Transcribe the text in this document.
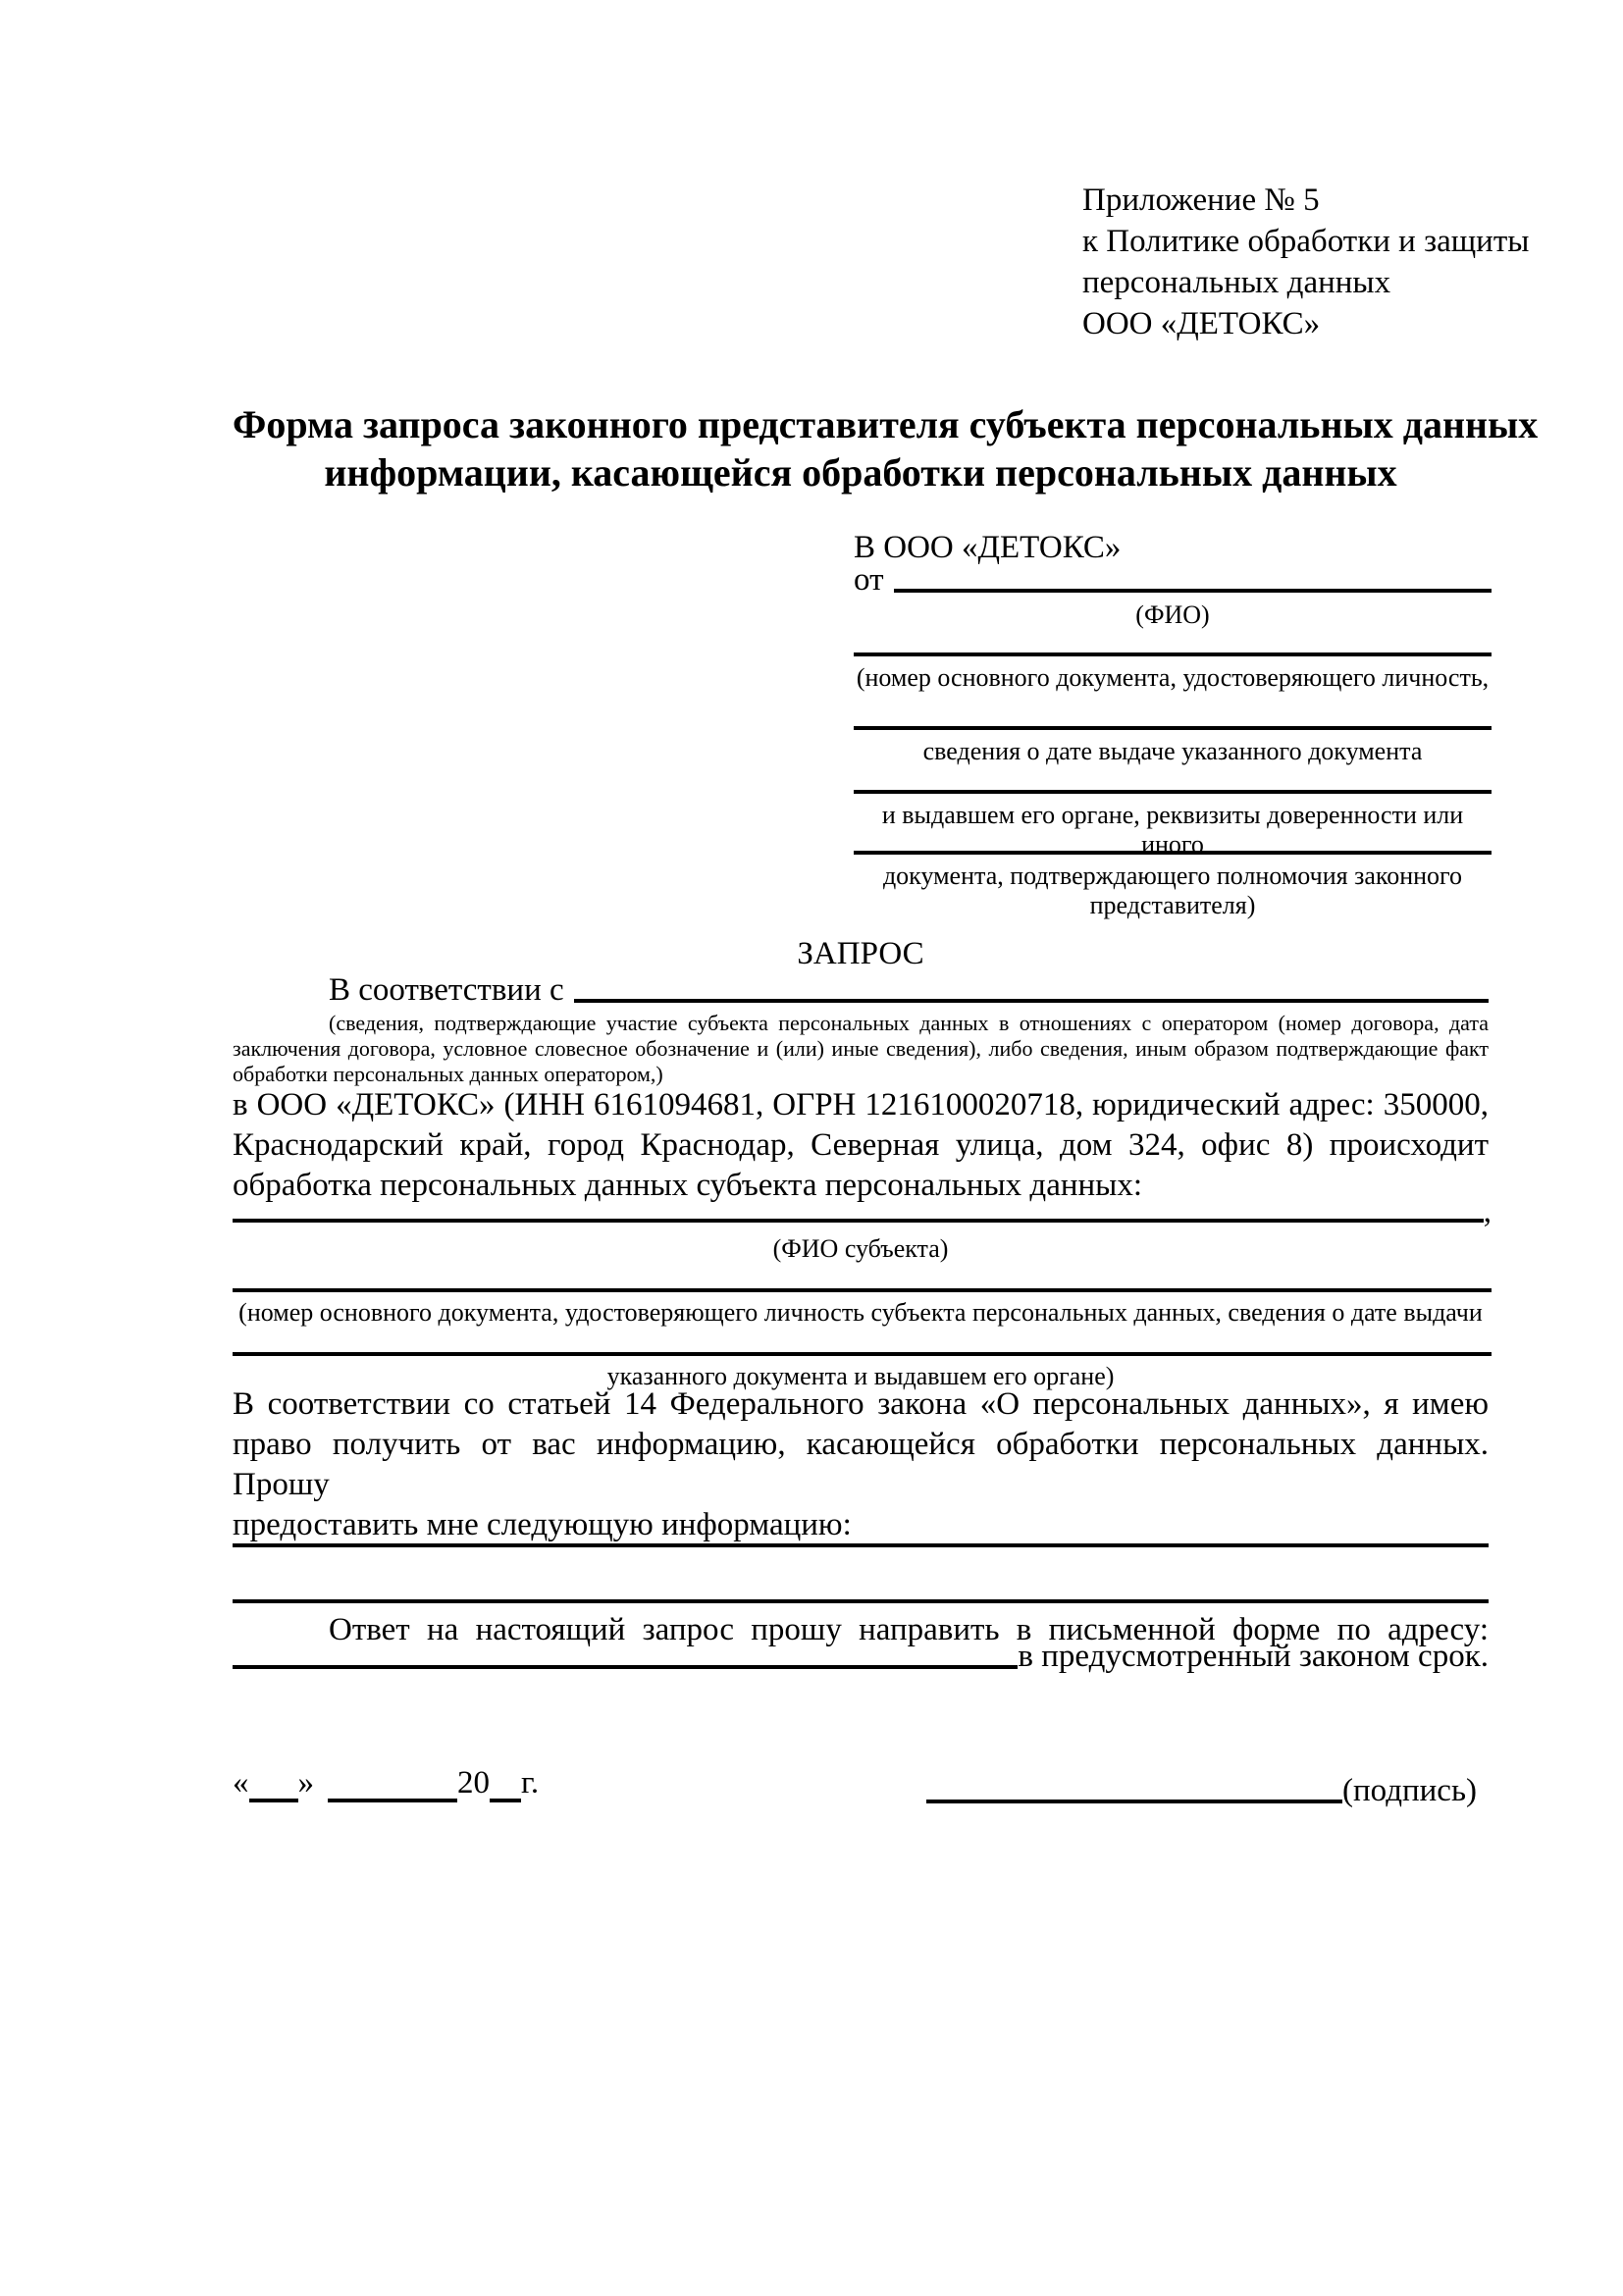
Приложение № 5
к Политике обработки и защиты
персональных данных
ООО «ДЕТОКС»
Форма запроса законного представителя субъекта персональных данных
информации, касающейся обработки персональных данных
В ООО «ДЕТОКС»
от
(ФИО)
(номер основного документа, удостоверяющего личность,
сведения о дате выдаче указанного документа
и выдавшем его органе, реквизиты доверенности или иного
документа, подтверждающего полномочия законного представителя)
ЗАПРОС
В соответствии с
(сведения, подтверждающие участие субъекта персональных данных в отношениях с оператором (номер договора, дата
заключения договора, условное словесное обозначение и (или) иные сведения), либо сведения, иным образом подтверждающие факт
обработки персональных данных оператором,)
в ООО «ДЕТОКС» (ИНН 6161094681, ОГРН 1216100020718, юридический адрес: 350000,
Краснодарский край, город Краснодар, Северная улица, дом 324, офис 8) происходит
обработка персональных данных субъекта персональных данных:
,
(ФИО субъекта)
(номер основного документа, удостоверяющего личность субъекта персональных данных, сведения о дате выдачи
указанного документа и выдавшем его органе)
В соответствии со статьей 14 Федерального закона «О персональных данных», я имею
право получить от вас информацию, касающейся обработки персональных данных. Прошу
предоставить мне следующую информацию:
Ответ на настоящий запрос прошу направить в письменной форме по адресу:
в предусмотренный законом срок.
« »	20 г.	(подпись)
